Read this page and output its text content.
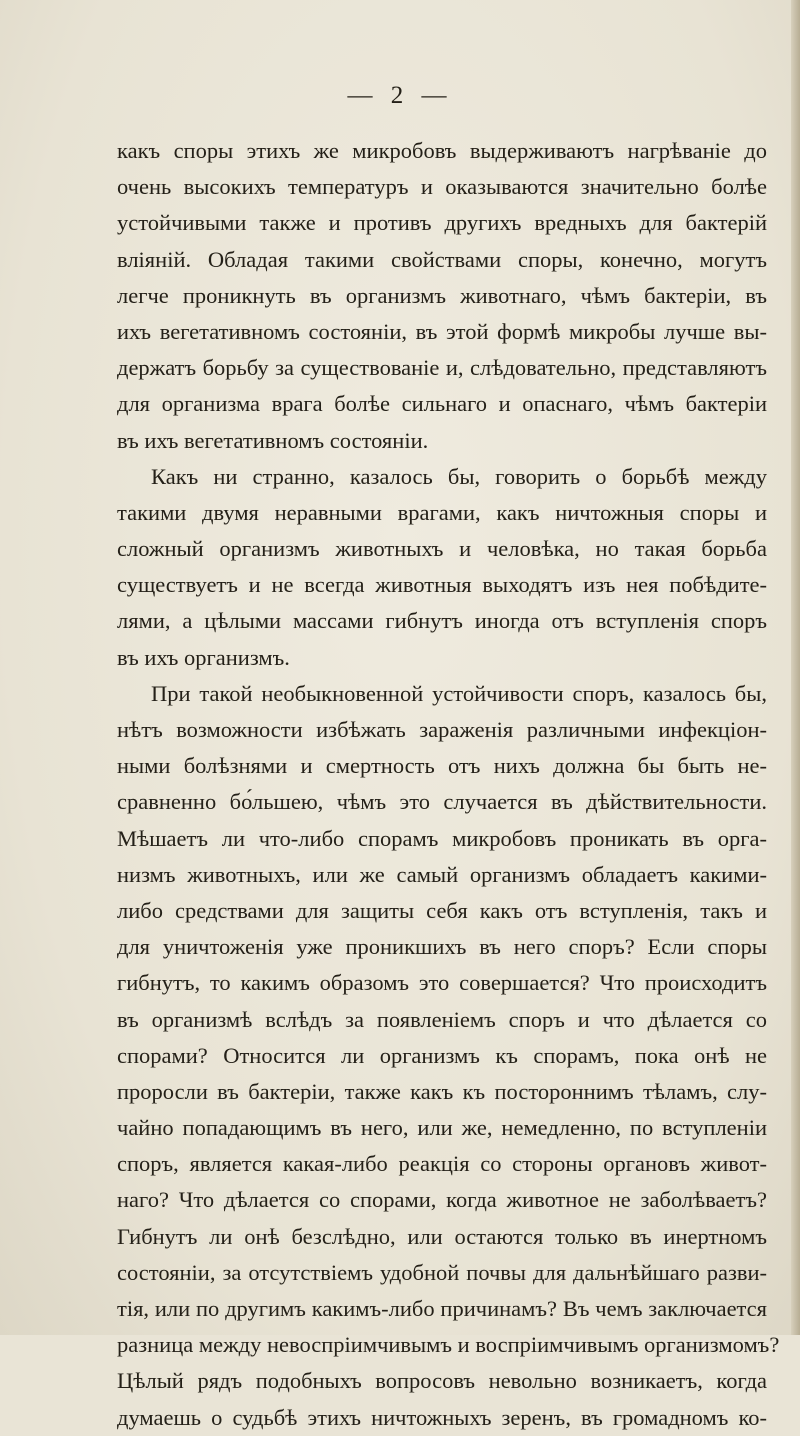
— 2 —
какъ споры этихъ же микробовъ выдерживаютъ нагрѣваніе до
очень высокихъ температуръ и оказываются значительно болѣе
устойчивыми также и противъ другихъ вредныхъ для бактерій
вліяній. Обладая такими свойствами споры, конечно, могутъ
легче проникнуть въ организмъ животнаго, чѣмъ бактеріи, въ
ихъ вегетативномъ состояніи, въ этой формѣ микробы лучше вы-
держатъ борьбу за существованіе и, слѣдовательно, представляютъ
для организма врага болѣе сильнаго и опаснаго, чѣмъ бактеріи
въ ихъ вегетативномъ состояніи.
Какъ ни странно, казалось бы, говорить о борьбѣ между
такими двумя неравными врагами, какъ ничтожныя споры и
сложный организмъ животныхъ и человѣка, но такая борьба
существуетъ и не всегда животныя выходятъ изъ нея побѣдите-
лями, а цѣлыми массами гибнутъ иногда отъ вступленія споръ
въ ихъ организмъ.
При такой необыкновенной устойчивости споръ, казалось бы,
нѣтъ возможности избѣжать зараженія различными инфекціон-
ными болѣзнями и смертность отъ нихъ должна бы быть не-
сравненно бо́льшею, чѣмъ это случается въ дѣйствительности.
Мѣшаетъ ли что-либо спорамъ микробовъ проникать въ орга-
низмъ животныхъ, или же самый организмъ обладаетъ какими-
либо средствами для защиты себя какъ отъ вступленія, такъ и
для уничтоженія уже проникшихъ въ него споръ? Если споры
гибнутъ, то какимъ образомъ это совершается? Что происходитъ
въ организмѣ вслѣдъ за появленіемъ споръ и что дѣлается со
спорами? Относится ли организмъ къ спорамъ, пока онѣ не
проросли въ бактеріи, также какъ къ постороннимъ тѣламъ, слу-
чайно попадающимъ въ него, или же, немедленно, по вступленіи
споръ, является какая-либо реакція со стороны органовъ живот-
наго? Что дѣлается со спорами, когда животное не заболѣваетъ?
Гибнутъ ли онѣ безслѣдно, или остаются только въ инертномъ
состояніи, за отсутствіемъ удобной почвы для дальнѣйшаго разви-
тія, или по другимъ какимъ-либо причинамъ? Въ чемъ заключается
разница между невоспріимчивымъ и воспріимчивымъ организмомъ?
Цѣлый рядъ подобныхъ вопросовъ невольно возникаетъ, когда
думаешь о судьбѣ этихъ ничтожныхъ зеренъ, въ громадномъ ко-
